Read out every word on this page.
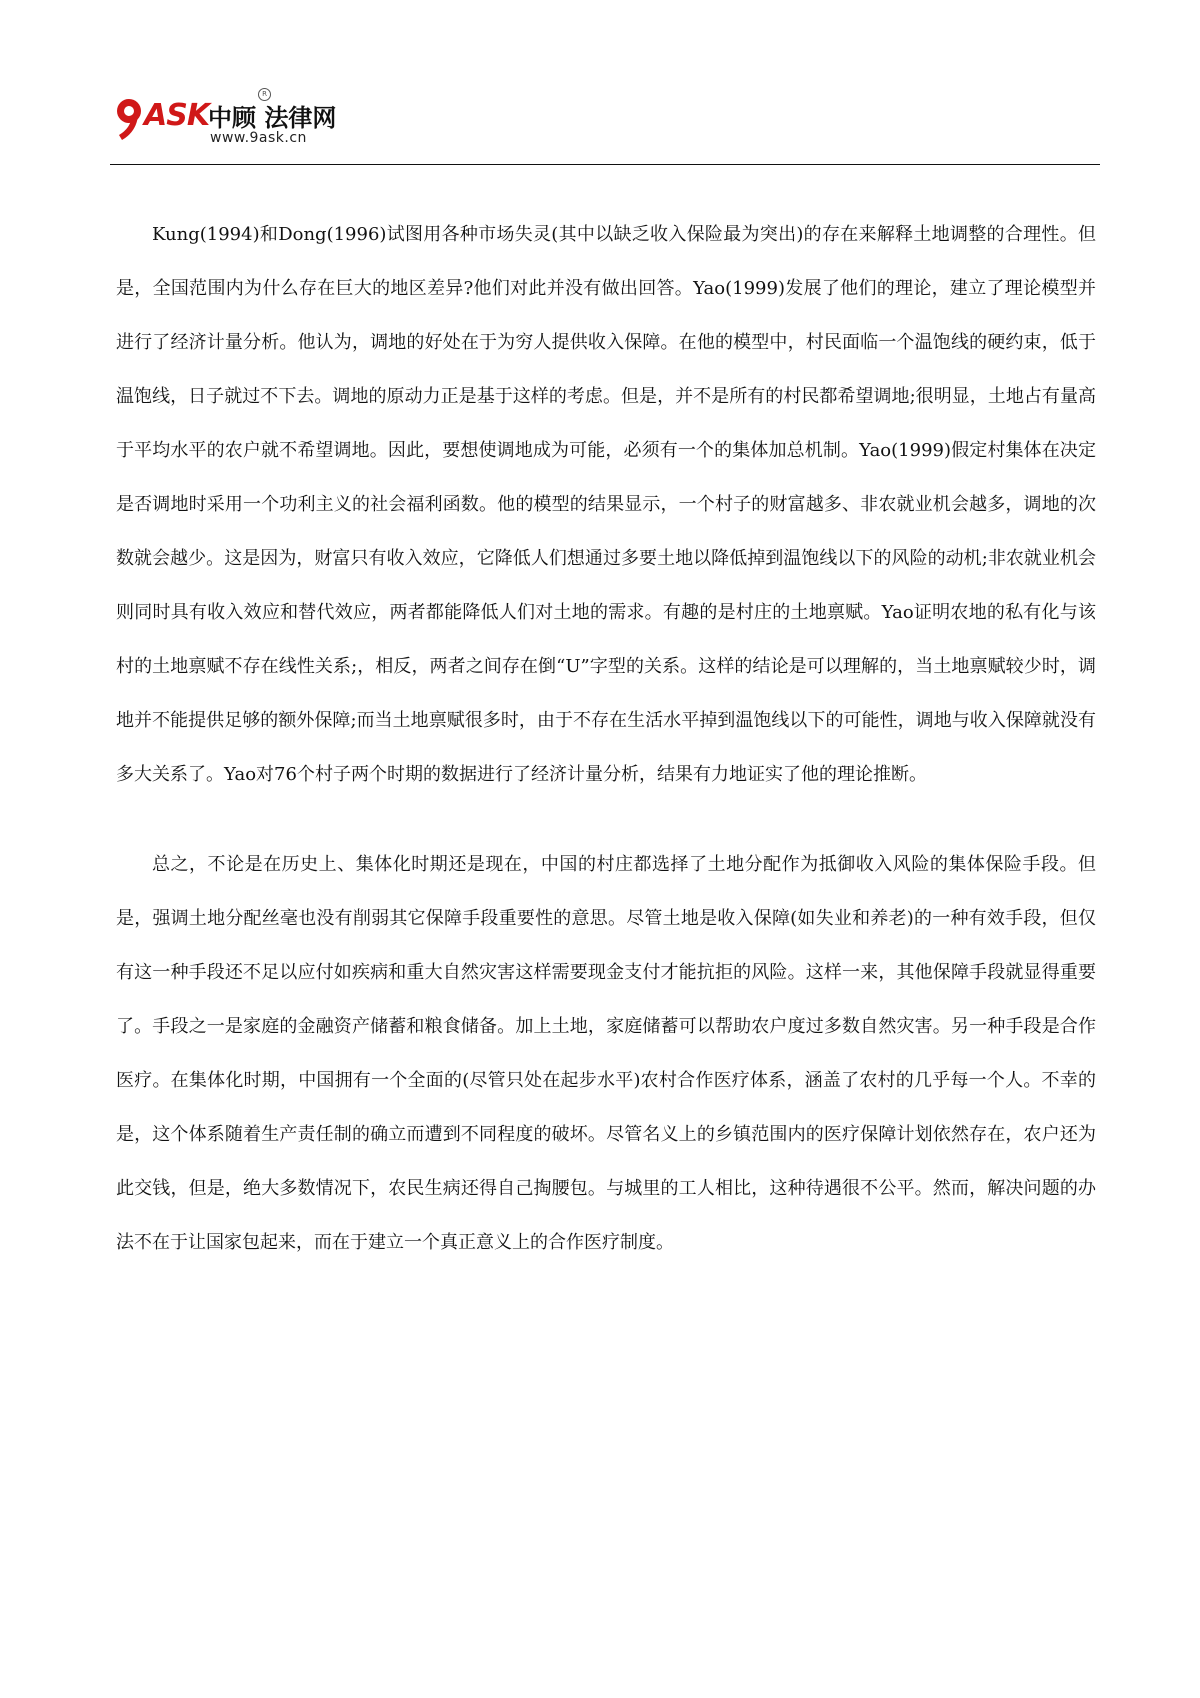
ASK
中顾 法律网
R
www.9ask.cn

Kung(1994)和Dong(1996)试图用各种市场失灵(其中以缺乏收入保险最为突出)的存在来解释土地调整的合理性。但是，全国范围内为什么存在巨大的地区差异?他们对此并没有做出回答。Yao(1999)发展了他们的理论，建立了理论模型并进行了经济计量分析。他认为，调地的好处在于为穷人提供收入保障。在他的模型中，村民面临一个温饱线的硬约束，低于温饱线，日子就过不下去。调地的原动力正是基于这样的考虑。但是，并不是所有的村民都希望调地;很明显，土地占有量高于平均水平的农户就不希望调地。因此，要想使调地成为可能，必须有一个的集体加总机制。Yao(1999)假定村集体在决定是否调地时采用一个功利主义的社会福利函数。他的模型的结果显示，一个村子的财富越多、非农就业机会越多，调地的次数就会越少。这是因为，财富只有收入效应，它降低人们想通过多要土地以降低掉到温饱线以下的风险的动机;非农就业机会则同时具有收入效应和替代效应，两者都能降低人们对土地的需求。有趣的是村庄的土地禀赋。Yao证明农地的私有化与该村的土地禀赋不存在线性关系;，相反，两者之间存在倒“U”字型的关系。这样的结论是可以理解的，当土地禀赋较少时，调地并不能提供足够的额外保障;而当土地禀赋很多时，由于不存在生活水平掉到温饱线以下的可能性，调地与收入保障就没有多大关系了。Yao对76个村子两个时期的数据进行了经济计量分析，结果有力地证实了他的理论推断。

总之，不论是在历史上、集体化时期还是现在，中国的村庄都选择了土地分配作为抵御收入风险的集体保险手段。但是，强调土地分配丝毫也没有削弱其它保障手段重要性的意思。尽管土地是收入保障(如失业和养老)的一种有效手段，但仅有这一种手段还不足以应付如疾病和重大自然灾害这样需要现金支付才能抗拒的风险。这样一来，其他保障手段就显得重要了。手段之一是家庭的金融资产储蓄和粮食储备。加上土地，家庭储蓄可以帮助农户度过多数自然灾害。另一种手段是合作医疗。在集体化时期，中国拥有一个全面的(尽管只处在起步水平)农村合作医疗体系，涵盖了农村的几乎每一个人。不幸的是，这个体系随着生产责任制的确立而遭到不同程度的破坏。尽管名义上的乡镇范围内的医疗保障计划依然存在，农户还为此交钱，但是，绝大多数情况下，农民生病还得自己掏腰包。与城里的工人相比，这种待遇很不公平。然而，解决问题的办法不在于让国家包起来，而在于建立一个真正意义上的合作医疗制度。
